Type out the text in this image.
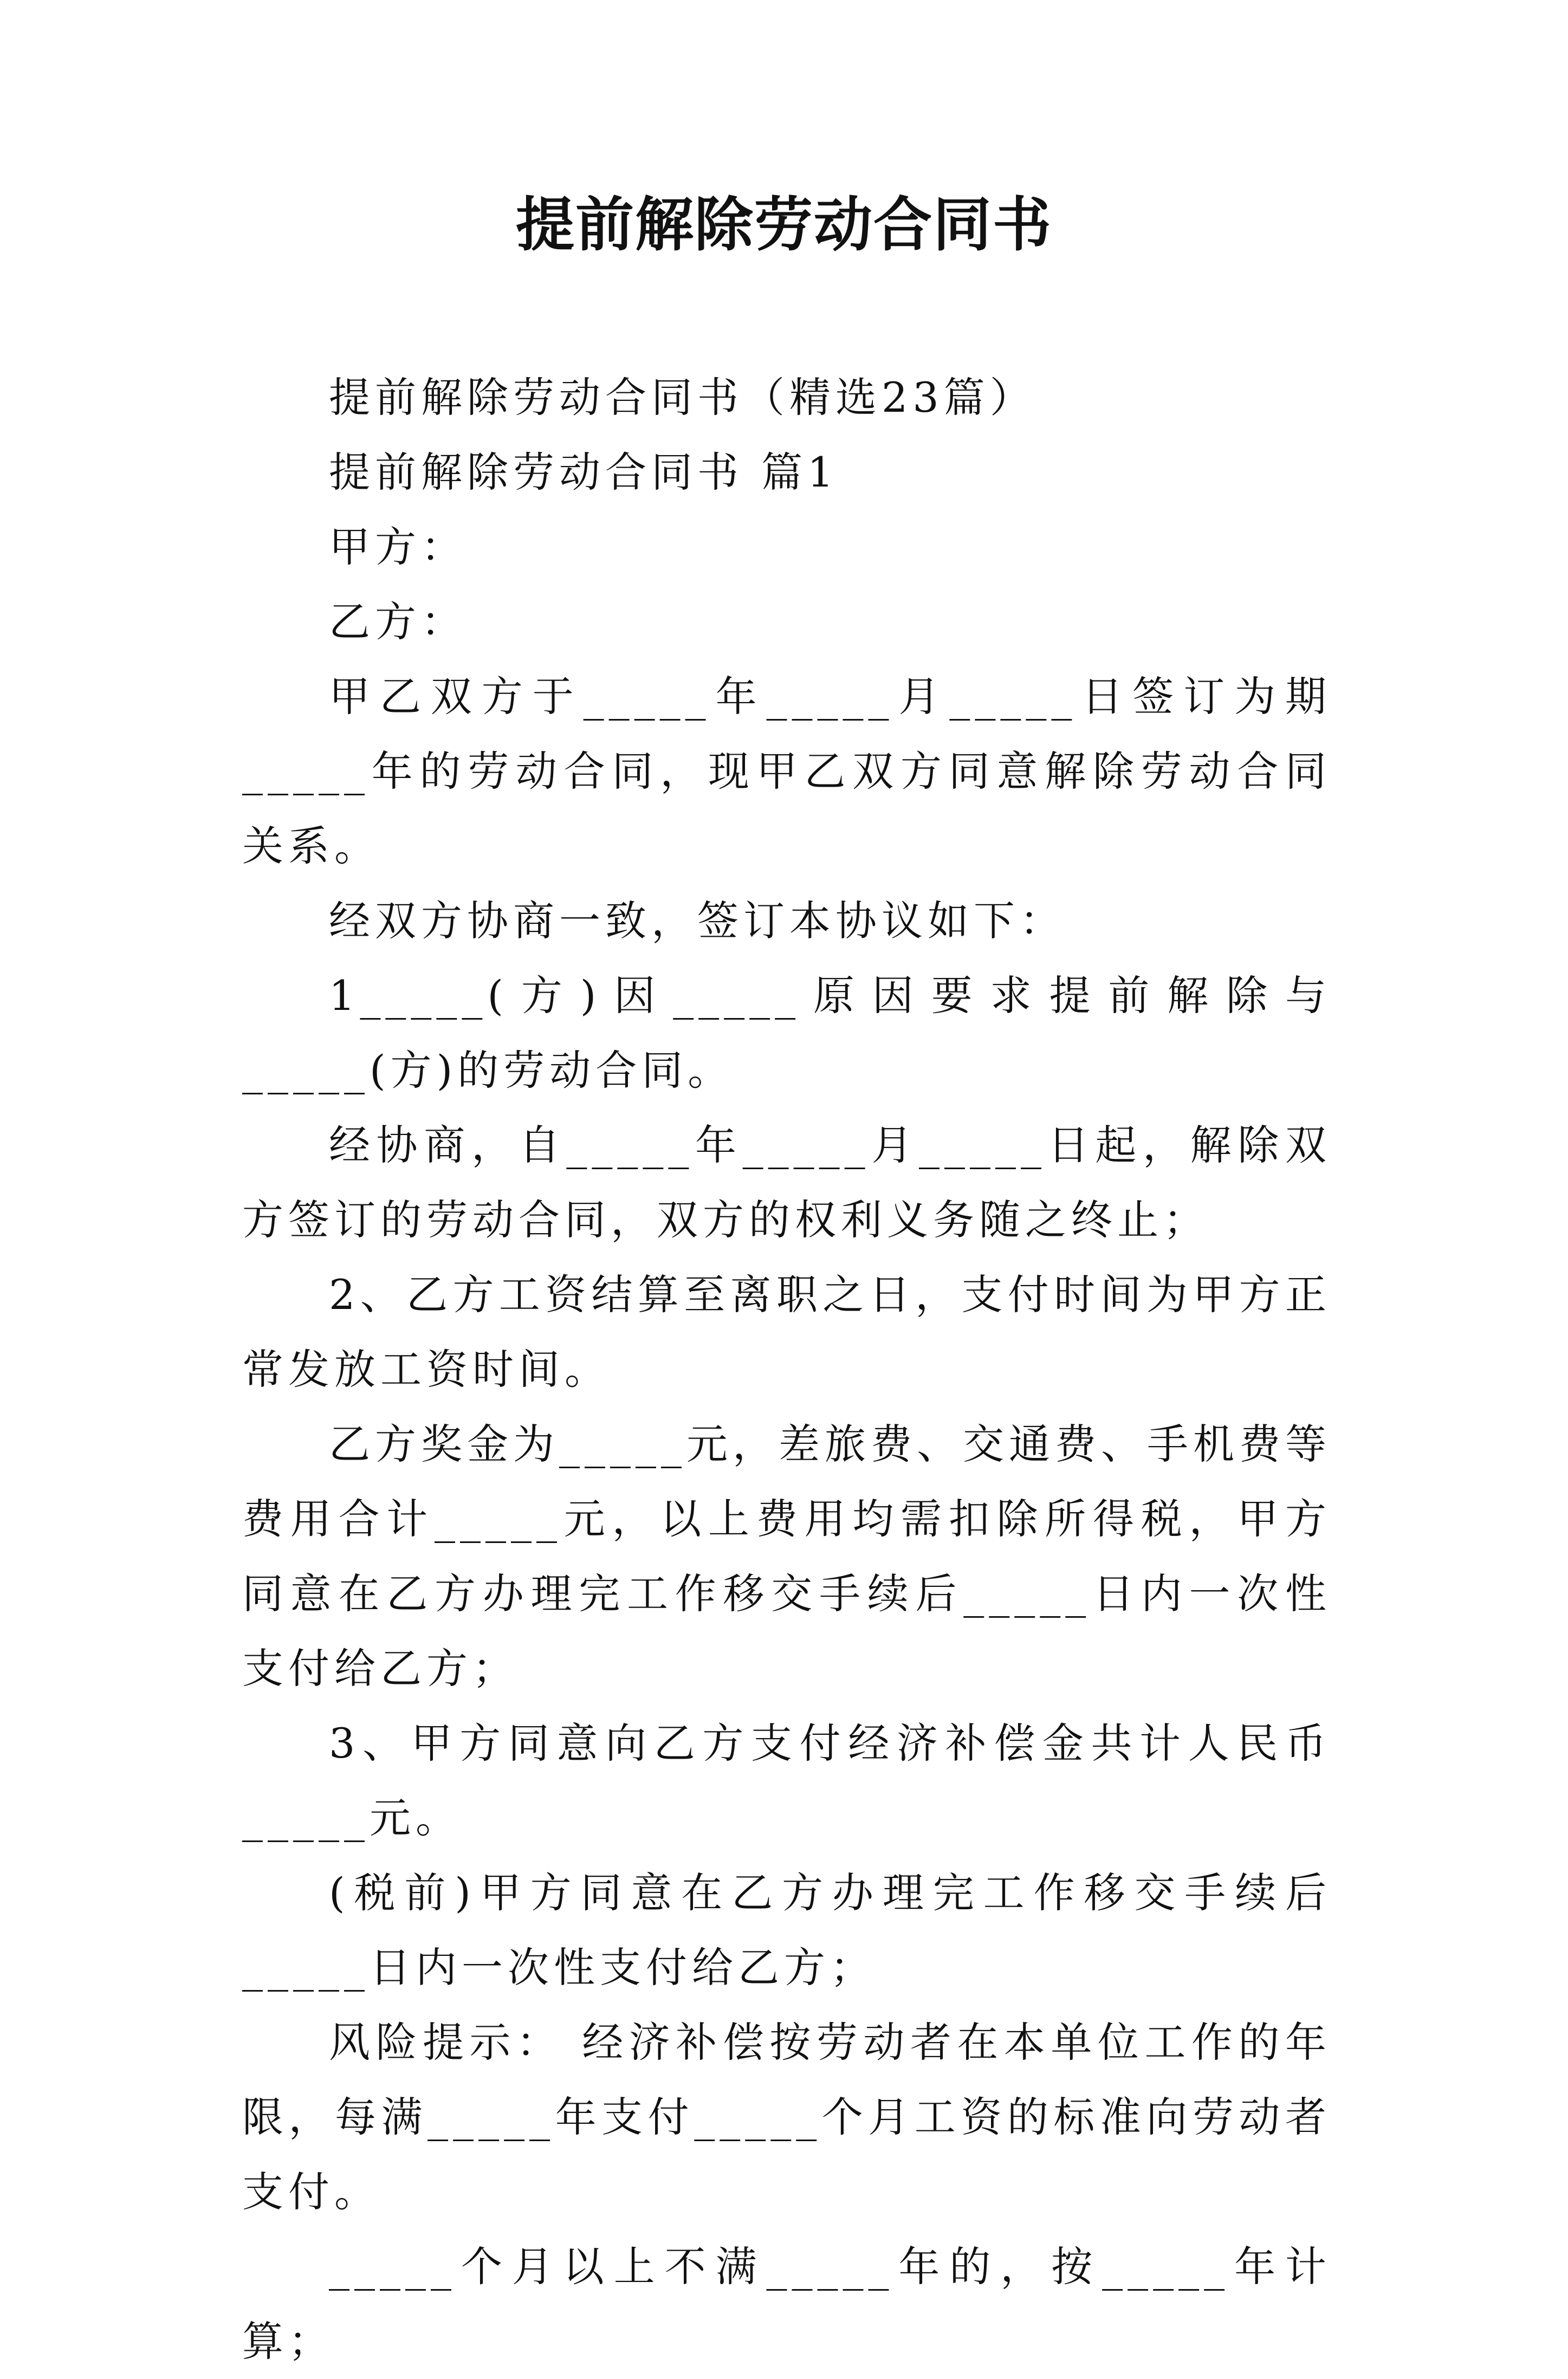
提前解除劳动合同书

提前解除劳动合同书（精选23篇）

提前解除劳动合同书 篇1

甲方：

乙方：

甲乙双方于_____年_____月_____日签订为期_____年的劳动合同，现甲乙双方同意解除劳动合同关系。

经双方协商一致，签订本协议如下：

1_____(方)因_____原因要求提前解除与_____(方)的劳动合同。

经协商，自_____年_____月_____日起，解除双方签订的劳动合同，双方的权利义务随之终止；

2、乙方工资结算至离职之日，支付时间为甲方正常发放工资时间。

乙方奖金为_____元，差旅费、交通费、手机费等费用合计_____元，以上费用均需扣除所得税，甲方同意在乙方办理完工作移交手续后_____日内一次性支付给乙方；

3、甲方同意向乙方支付经济补偿金共计人民币_____元。

(税前)甲方同意在乙方办理完工作移交手续后_____日内一次性支付给乙方；

风险提示： 经济补偿按劳动者在本单位工作的年限，每满_____年支付_____个月工资的标准向劳动者支付。

_____个月以上不满_____年的，按_____年计算；
